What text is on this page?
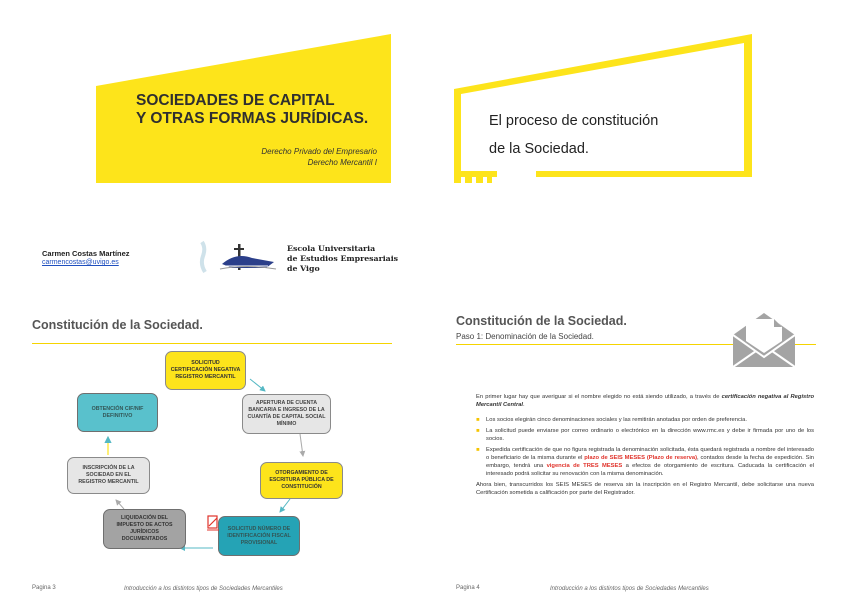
SOCIEDADES DE CAPITAL
Y OTRAS FORMAS JURÍDICAS.
Derecho Privado del Empresario
Derecho Mercantil I
Carmen Costas Martínez
carmencostas@uvigo.es
Escola Universitaria
de Estudios Empresariais
de Vigo
El proceso de constitución
de la Sociedad.
Constitución de la Sociedad.
SOLICITUD CERTIFICACIÓN NEGATIVA REGISTRO MERCANTIL
APERTURA DE CUENTA BANCARIA E INGRESO DE LA CUANTÍA DE CAPITAL SOCIAL MÍNIMO
OTORGAMIENTO DE ESCRITURA PÚBLICA DE CONSTITUCIÓN
SOLICITUD NÚMERO DE IDENTIFICACIÓN FISCAL PROVISIONAL
LIQUIDACIÓN DEL IMPUESTO DE ACTOS JURÍDICOS DOCUMENTADOS
INSCRIPCIÓN DE LA SOCIEDAD EN EL REGISTRO MERCANTIL
OBTENCIÓN CIF/NIF DEFINITIVO
Pagina 3	Introducción a los distintos tipos de Sociedades Mercantiles
Constitución de la Sociedad.
Paso 1: Denominación de la Sociedad.

En primer lugar hay que averiguar si el nombre elegido no está siendo utilizado, a través de certificación negativa al Registro Mercantil Central.

■ Los socios elegirán cinco denominaciones sociales y las remitirán anotadas por orden de preferencia.
■ La solicitud puede enviarse por correo ordinario o electrónico en la dirección www.rmc.es y debe ir firmada por uno de los socios.
■ Expedida certificación de que no figura registrada la denominación solicitada, ésta quedará registrada a nombre del interesado o beneficiario de la misma durante el plazo de SEIS MESES (Plazo de reserva), contados desde la fecha de expedición. Sin embargo, tendrá una vigencia de TRES MESES a efectos de otorgamiento de escritura. Caducada la certificación el interesado podrá solicitar su renovación con la misma denominación.

Ahora bien, transcurridos los SEIS MESES de reserva sin la inscripción en el Registro Mercantil, debe solicitarse una nueva Certificación sometida a calificación por parte del Registrador.

Pagina 4	Introducción a los distintos tipos de Sociedades Mercantiles
